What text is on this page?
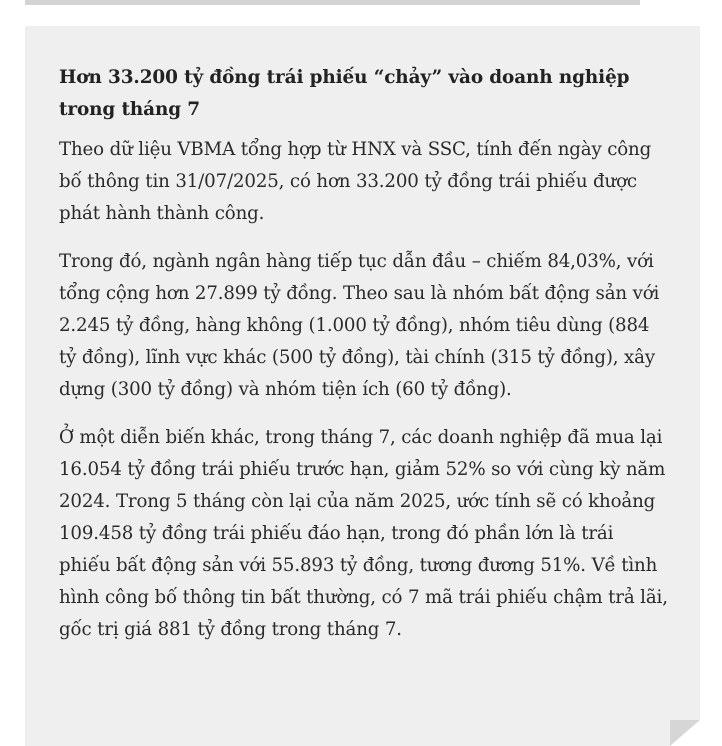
Hơn 33.200 tỷ đồng trái phiếu “chảy” vào doanh nghiệp trong tháng 7

Theo dữ liệu VBMA tổng hợp từ HNX và SSC, tính đến ngày công bố thông tin 31/07/2025, có hơn 33.200 tỷ đồng trái phiếu được phát hành thành công.

Trong đó, ngành ngân hàng tiếp tục dẫn đầu – chiếm 84,03%, với tổng cộng hơn 27.899 tỷ đồng. Theo sau là nhóm bất động sản với 2.245 tỷ đồng, hàng không (1.000 tỷ đồng), nhóm tiêu dùng (884 tỷ đồng), lĩnh vực khác (500 tỷ đồng), tài chính (315 tỷ đồng), xây dựng (300 tỷ đồng) và nhóm tiện ích (60 tỷ đồng).

Ở một diễn biến khác, trong tháng 7, các doanh nghiệp đã mua lại 16.054 tỷ đồng trái phiếu trước hạn, giảm 52% so với cùng kỳ năm 2024. Trong 5 tháng còn lại của năm 2025, ước tính sẽ có khoảng 109.458 tỷ đồng trái phiếu đáo hạn, trong đó phần lớn là trái phiếu bất động sản với 55.893 tỷ đồng, tương đương 51%. Về tình hình công bố thông tin bất thường, có 7 mã trái phiếu chậm trả lãi, gốc trị giá 881 tỷ đồng trong tháng 7.
